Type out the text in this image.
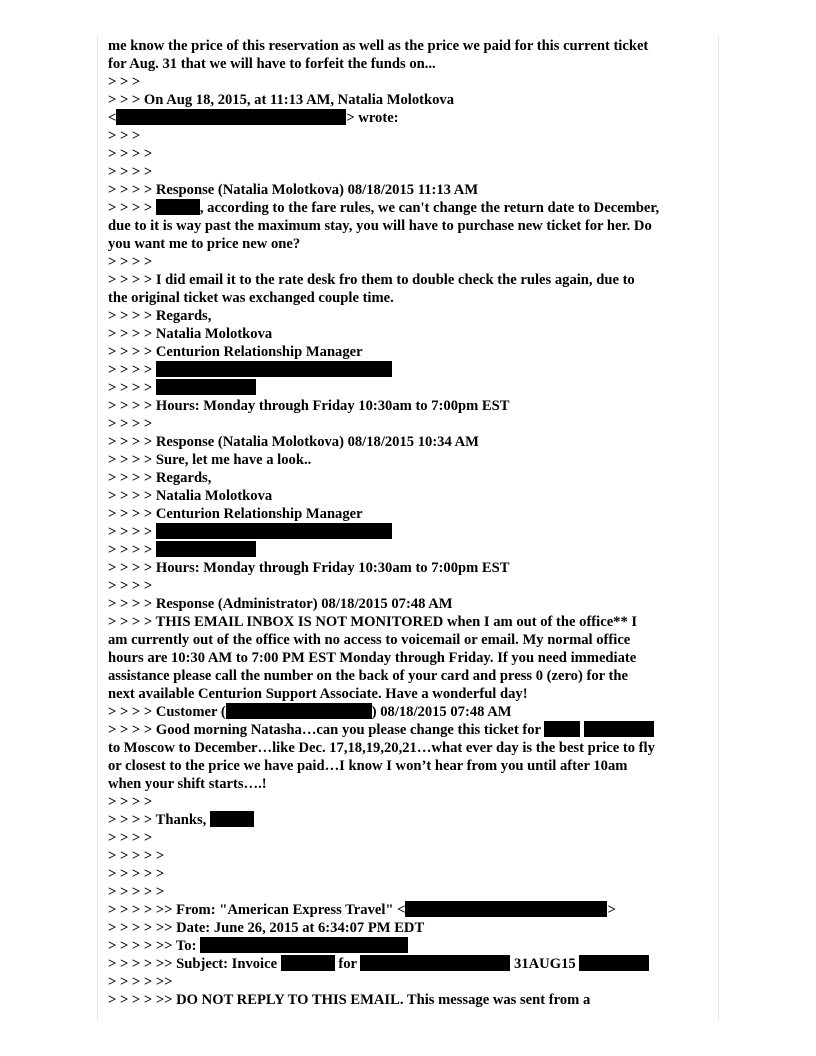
me know the price of this reservation as well as the price we paid for this current ticket
for Aug. 31 that we will have to forfeit the funds on...
> > >
> > > On Aug 18, 2015, at 11:13 AM, Natalia Molotkova
<	> wrote:
> > >
> > > >
> > > >
> > > > Response (Natalia Molotkova) 08/18/2015 11:13 AM
> > > >	, according to the fare rules, we can't change the return date to December,
due to it is way past the maximum stay, you will have to purchase new ticket for her. Do
you want me to price new one?
> > > >
> > > > I did email it to the rate desk fro them to double check the rules again, due to
the original ticket was exchanged couple time.
> > > > Regards,
> > > > Natalia Molotkova
> > > > Centurion Relationship Manager
> > > >
> > > >
> > > > Hours: Monday through Friday 10:30am to 7:00pm EST
> > > >
> > > > Response (Natalia Molotkova) 08/18/2015 10:34 AM
> > > > Sure, let me have a look..
> > > > Regards,
> > > > Natalia Molotkova
> > > > Centurion Relationship Manager
> > > >
> > > >
> > > > Hours: Monday through Friday 10:30am to 7:00pm EST
> > > >
> > > > Response (Administrator) 08/18/2015 07:48 AM
> > > > THIS EMAIL INBOX IS NOT MONITORED when I am out of the office** I
am currently out of the office with no access to voicemail or email. My normal office
hours are 10:30 AM to 7:00 PM EST Monday through Friday. If you need immediate
assistance please call the number on the back of your card and press 0 (zero) for the
next available Centurion Support Associate. Have a wonderful day!
> > > > Customer (	) 08/18/2015 07:48 AM
> > > > Good morning Natasha…can you please change this ticket for
to Moscow to December…like Dec. 17,18,19,20,21…what ever day is the best price to fly
or closest to the price we have paid…I know I won’t hear from you until after 10am
when your shift starts….!
> > > >
> > > > Thanks,
> > > >
> > > > >
> > > > >
> > > > >
> > > > >> From: "American Express Travel" <	>
> > > > >> Date: June 26, 2015 at 6:34:07 PM EDT
> > > > >> To:
> > > > >> Subject: Invoice	for	31AUG15
> > > > >>
> > > > >> DO NOT REPLY TO THIS EMAIL. This message was sent from a
